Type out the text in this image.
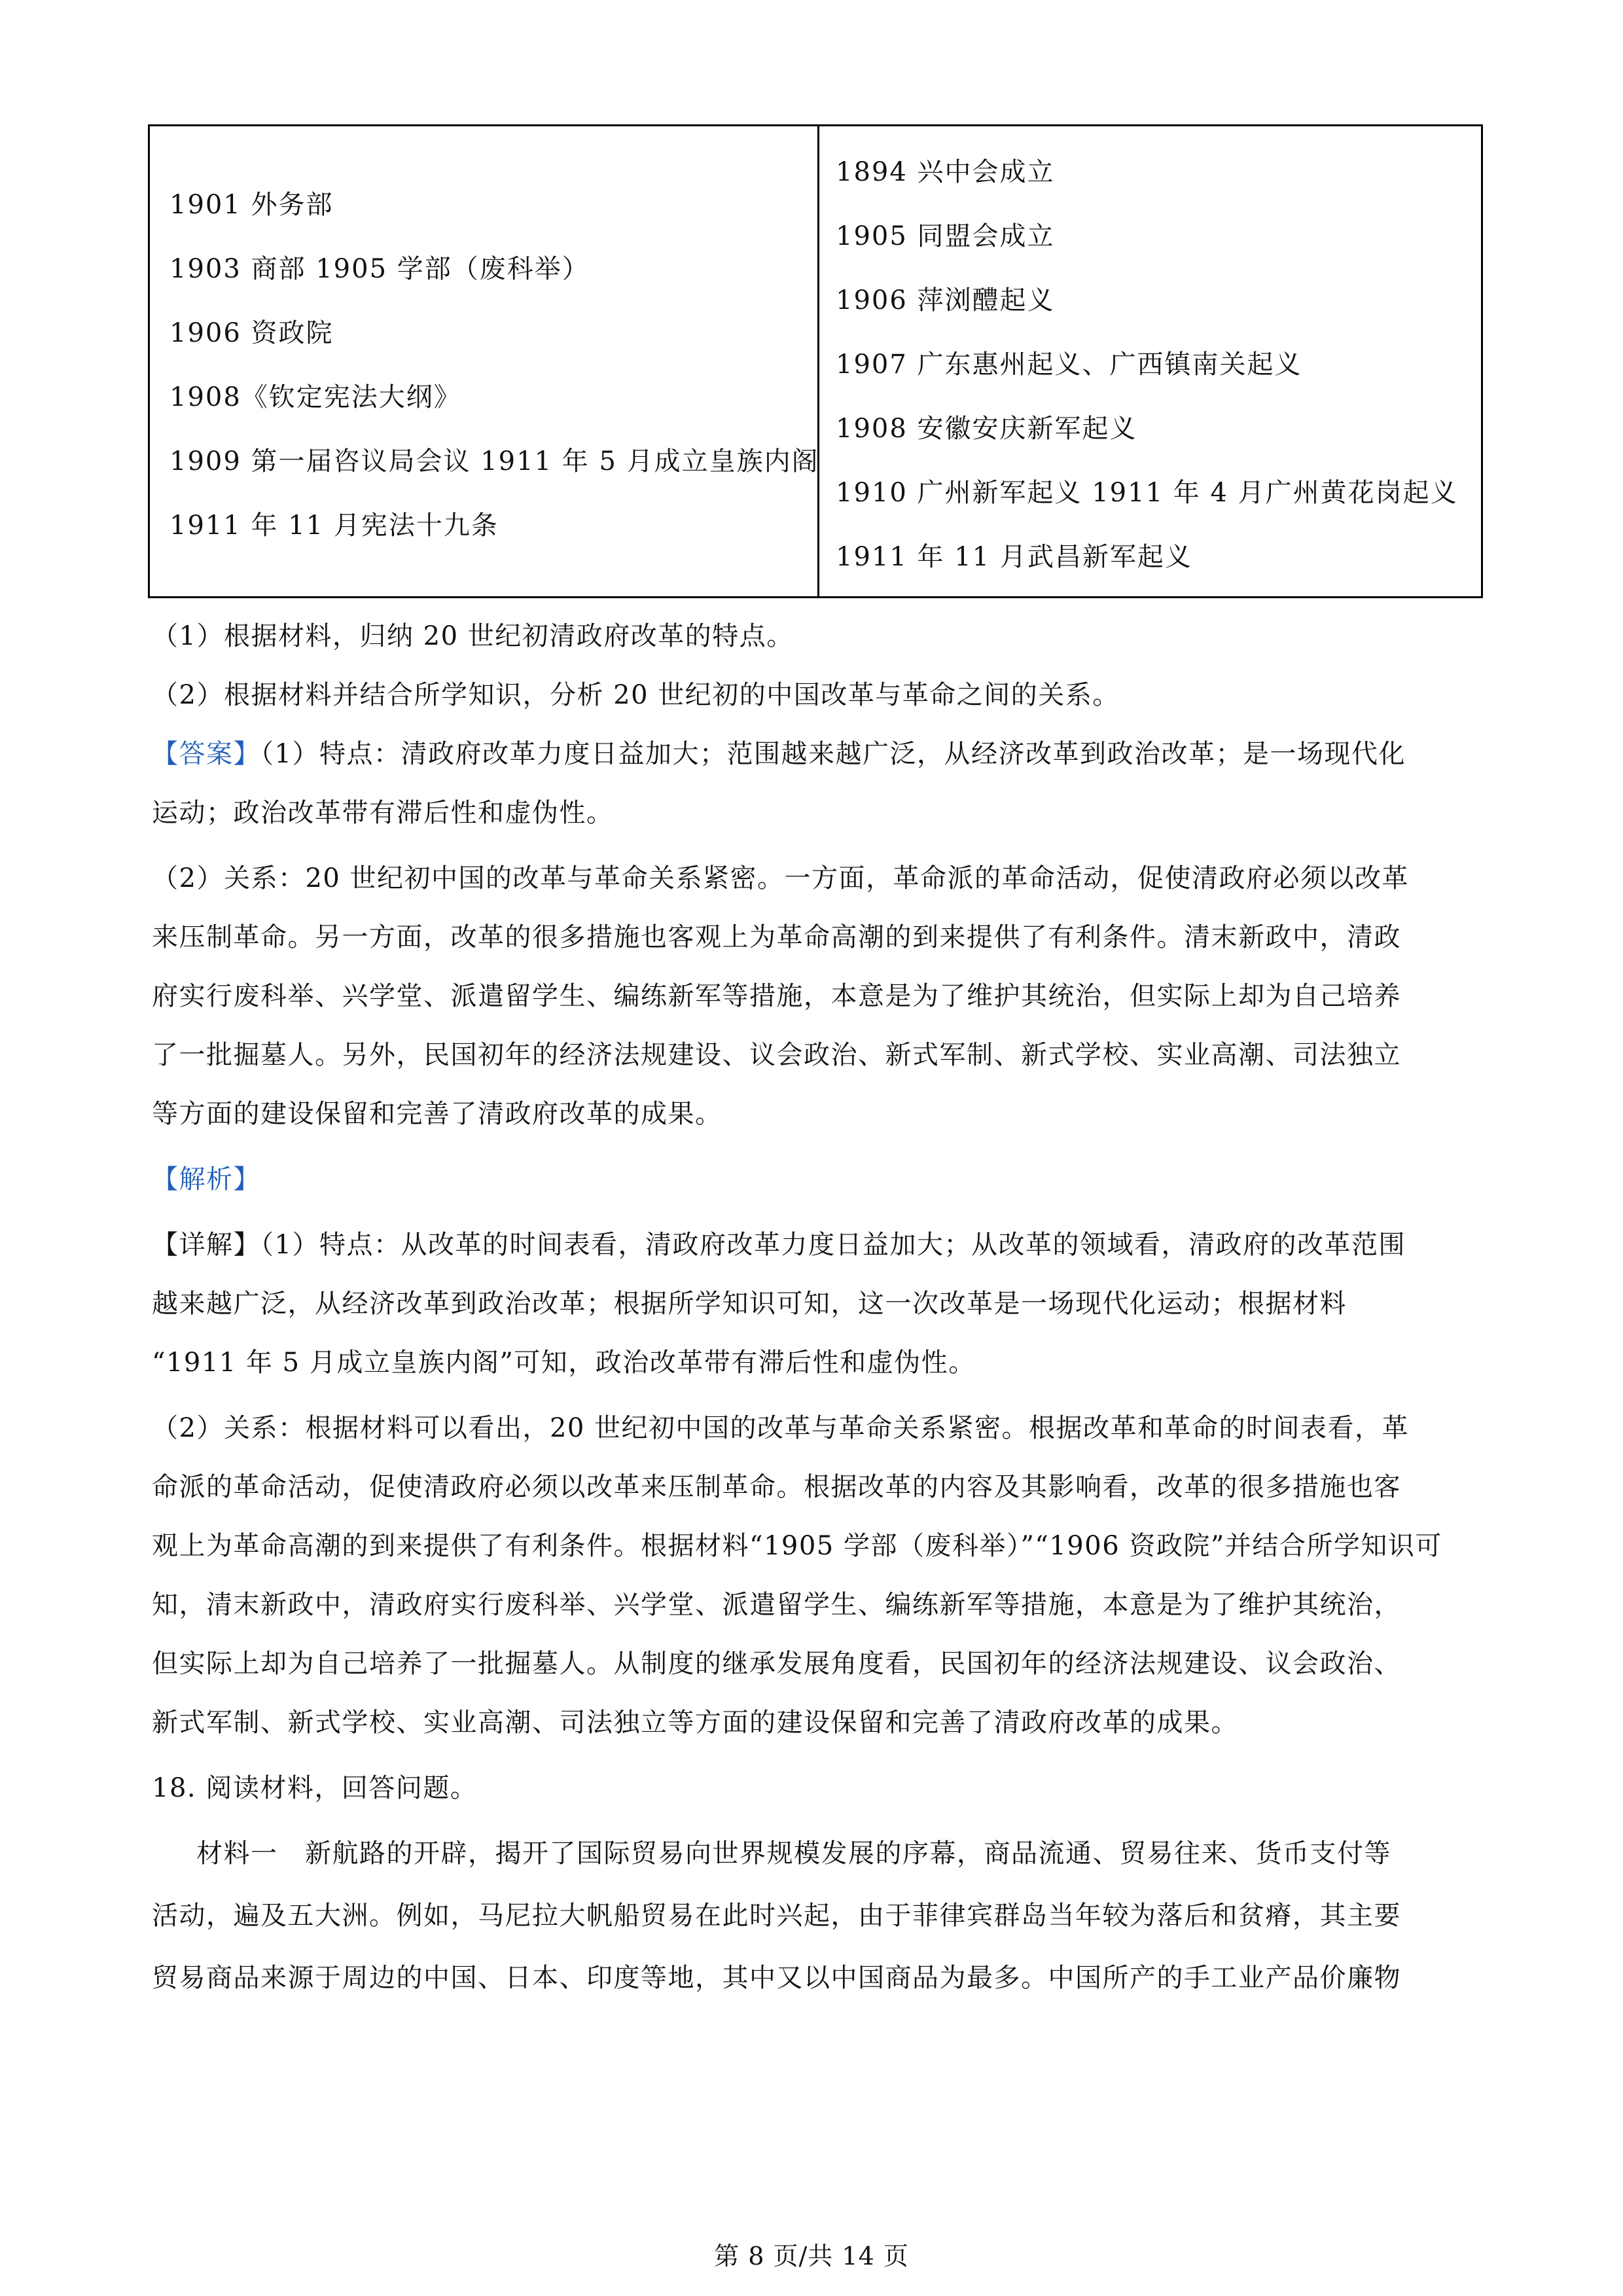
1901 外务部
1903 商部 1905 学部（废科举）
1906 资政院
1908《钦定宪法大纲》
1909 第一届咨议局会议 1911 年 5 月成立皇族内阁
1911 年 11 月宪法十九条
1894 兴中会成立
1905 同盟会成立
1906 萍浏醴起义
1907 广东惠州起义、广西镇南关起义
1908 安徽安庆新军起义
1910 广州新军起义 1911 年 4 月广州黄花岗起义
1911 年 11 月武昌新军起义
（1）根据材料，归纳 20 世纪初清政府改革的特点。
（2）根据材料并结合所学知识，分析 20 世纪初的中国改革与革命之间的关系。
【答案】（1）特点：清政府改革力度日益加大；范围越来越广泛，从经济改革到政治改革；是一场现代化
运动；政治改革带有滞后性和虚伪性。
（2）关系：20 世纪初中国的改革与革命关系紧密。一方面，革命派的革命活动，促使清政府必须以改革
来压制革命。另一方面，改革的很多措施也客观上为革命高潮的到来提供了有利条件。清末新政中，清政
府实行废科举、兴学堂、派遣留学生、编练新军等措施，本意是为了维护其统治，但实际上却为自己培养
了一批掘墓人。另外，民国初年的经济法规建设、议会政治、新式军制、新式学校、实业高潮、司法独立
等方面的建设保留和完善了清政府改革的成果。
【解析】
【详解】（1）特点：从改革的时间表看，清政府改革力度日益加大；从改革的领域看，清政府的改革范围
越来越广泛，从经济改革到政治改革；根据所学知识可知，这一次改革是一场现代化运动；根据材料
“1911 年 5 月成立皇族内阁”可知，政治改革带有滞后性和虚伪性。
（2）关系：根据材料可以看出，20 世纪初中国的改革与革命关系紧密。根据改革和革命的时间表看，革
命派的革命活动，促使清政府必须以改革来压制革命。根据改革的内容及其影响看，改革的很多措施也客
观上为革命高潮的到来提供了有利条件。根据材料“1905 学部（废科举）”“1906 资政院”并结合所学知识可
知，清末新政中，清政府实行废科举、兴学堂、派遣留学生、编练新军等措施，本意是为了维护其统治，
但实际上却为自己培养了一批掘墓人。从制度的继承发展角度看，民国初年的经济法规建设、议会政治、
新式军制、新式学校、实业高潮、司法独立等方面的建设保留和完善了清政府改革的成果。
18. 阅读材料，回答问题。
材料一　新航路的开辟，揭开了国际贸易向世界规模发展的序幕，商品流通、贸易往来、货币支付等
活动，遍及五大洲。例如，马尼拉大帆船贸易在此时兴起，由于菲律宾群岛当年较为落后和贫瘠，其主要
贸易商品来源于周边的中国、日本、印度等地，其中又以中国商品为最多。中国所产的手工业产品价廉物
第 8 页/共 14 页
